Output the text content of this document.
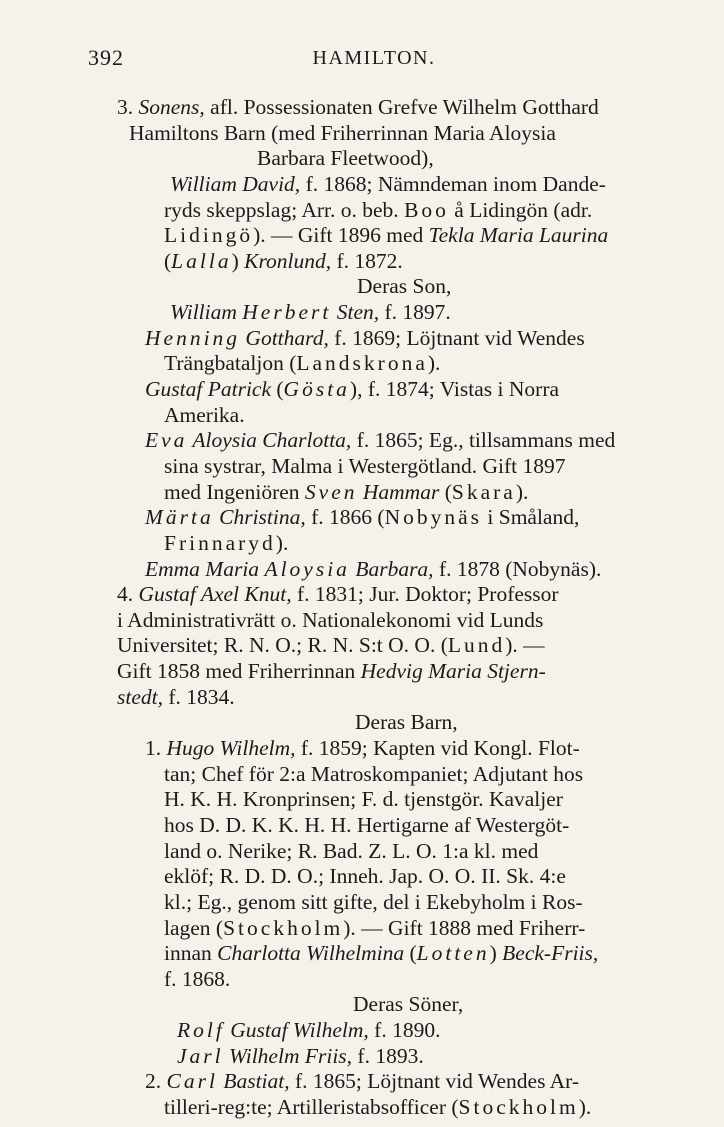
392	HAMILTON.
3. Sonens, afl. Possessionaten Grefve Wilhelm Gotthard
Hamiltons Barn (med Friherrinnan Maria Aloysia
Barbara Fleetwood),
William David, f. 1868; Nämndeman inom Dande-
ryds skeppslag; Arr. o. beb. Boo å Lidingön (adr.
Lidingö). — Gift 1896 med Tekla Maria Laurina
(Lalla) Kronlund, f. 1872.
Deras Son,
William Herbert Sten, f. 1897.
Henning Gotthard, f. 1869; Löjtnant vid Wendes
Trängbataljon (Landskrona).
Gustaf Patrick (Gösta), f. 1874; Vistas i Norra
Amerika.
Eva Aloysia Charlotta, f. 1865; Eg., tillsammans med
sina systrar, Malma i Westergötland. Gift 1897
med Ingeniören Sven Hammar (Skara).
Märta Christina, f. 1866 (Nobynäs i Småland,
Frinnaryd).
Emma Maria Aloysia Barbara, f. 1878 (Nobynäs).
4. Gustaf Axel Knut, f. 1831; Jur. Doktor; Professor
i Administrativrätt o. Nationalekonomi vid Lunds
Universitet; R. N. O.; R. N. S:t O. O. (Lund). —
Gift 1858 med Friherrinnan Hedvig Maria Stjern-
stedt, f. 1834.
Deras Barn,
1. Hugo Wilhelm, f. 1859; Kapten vid Kongl. Flot-
tan; Chef för 2:a Matroskompaniet; Adjutant hos
H. K. H. Kronprinsen; F. d. tjenstgör. Kavaljer
hos D. D. K. K. H. H. Hertigarne af Westergöt-
land o. Nerike; R. Bad. Z. L. O. 1:a kl. med
eklöf; R. D. D. O.; Inneh. Jap. O. O. II. Sk. 4:e
kl.; Eg., genom sitt gifte, del i Ekebyholm i Ros-
lagen (Stockholm). — Gift 1888 med Friherr-
innan Charlotta Wilhelmina (Lotten) Beck-Friis,
f. 1868.
Deras Söner,
Rolf Gustaf Wilhelm, f. 1890.
Jarl Wilhelm Friis, f. 1893.
2. Carl Bastiat, f. 1865; Löjtnant vid Wendes Ar-
tilleri-reg:te; Artilleristabsofficer (Stockholm).
